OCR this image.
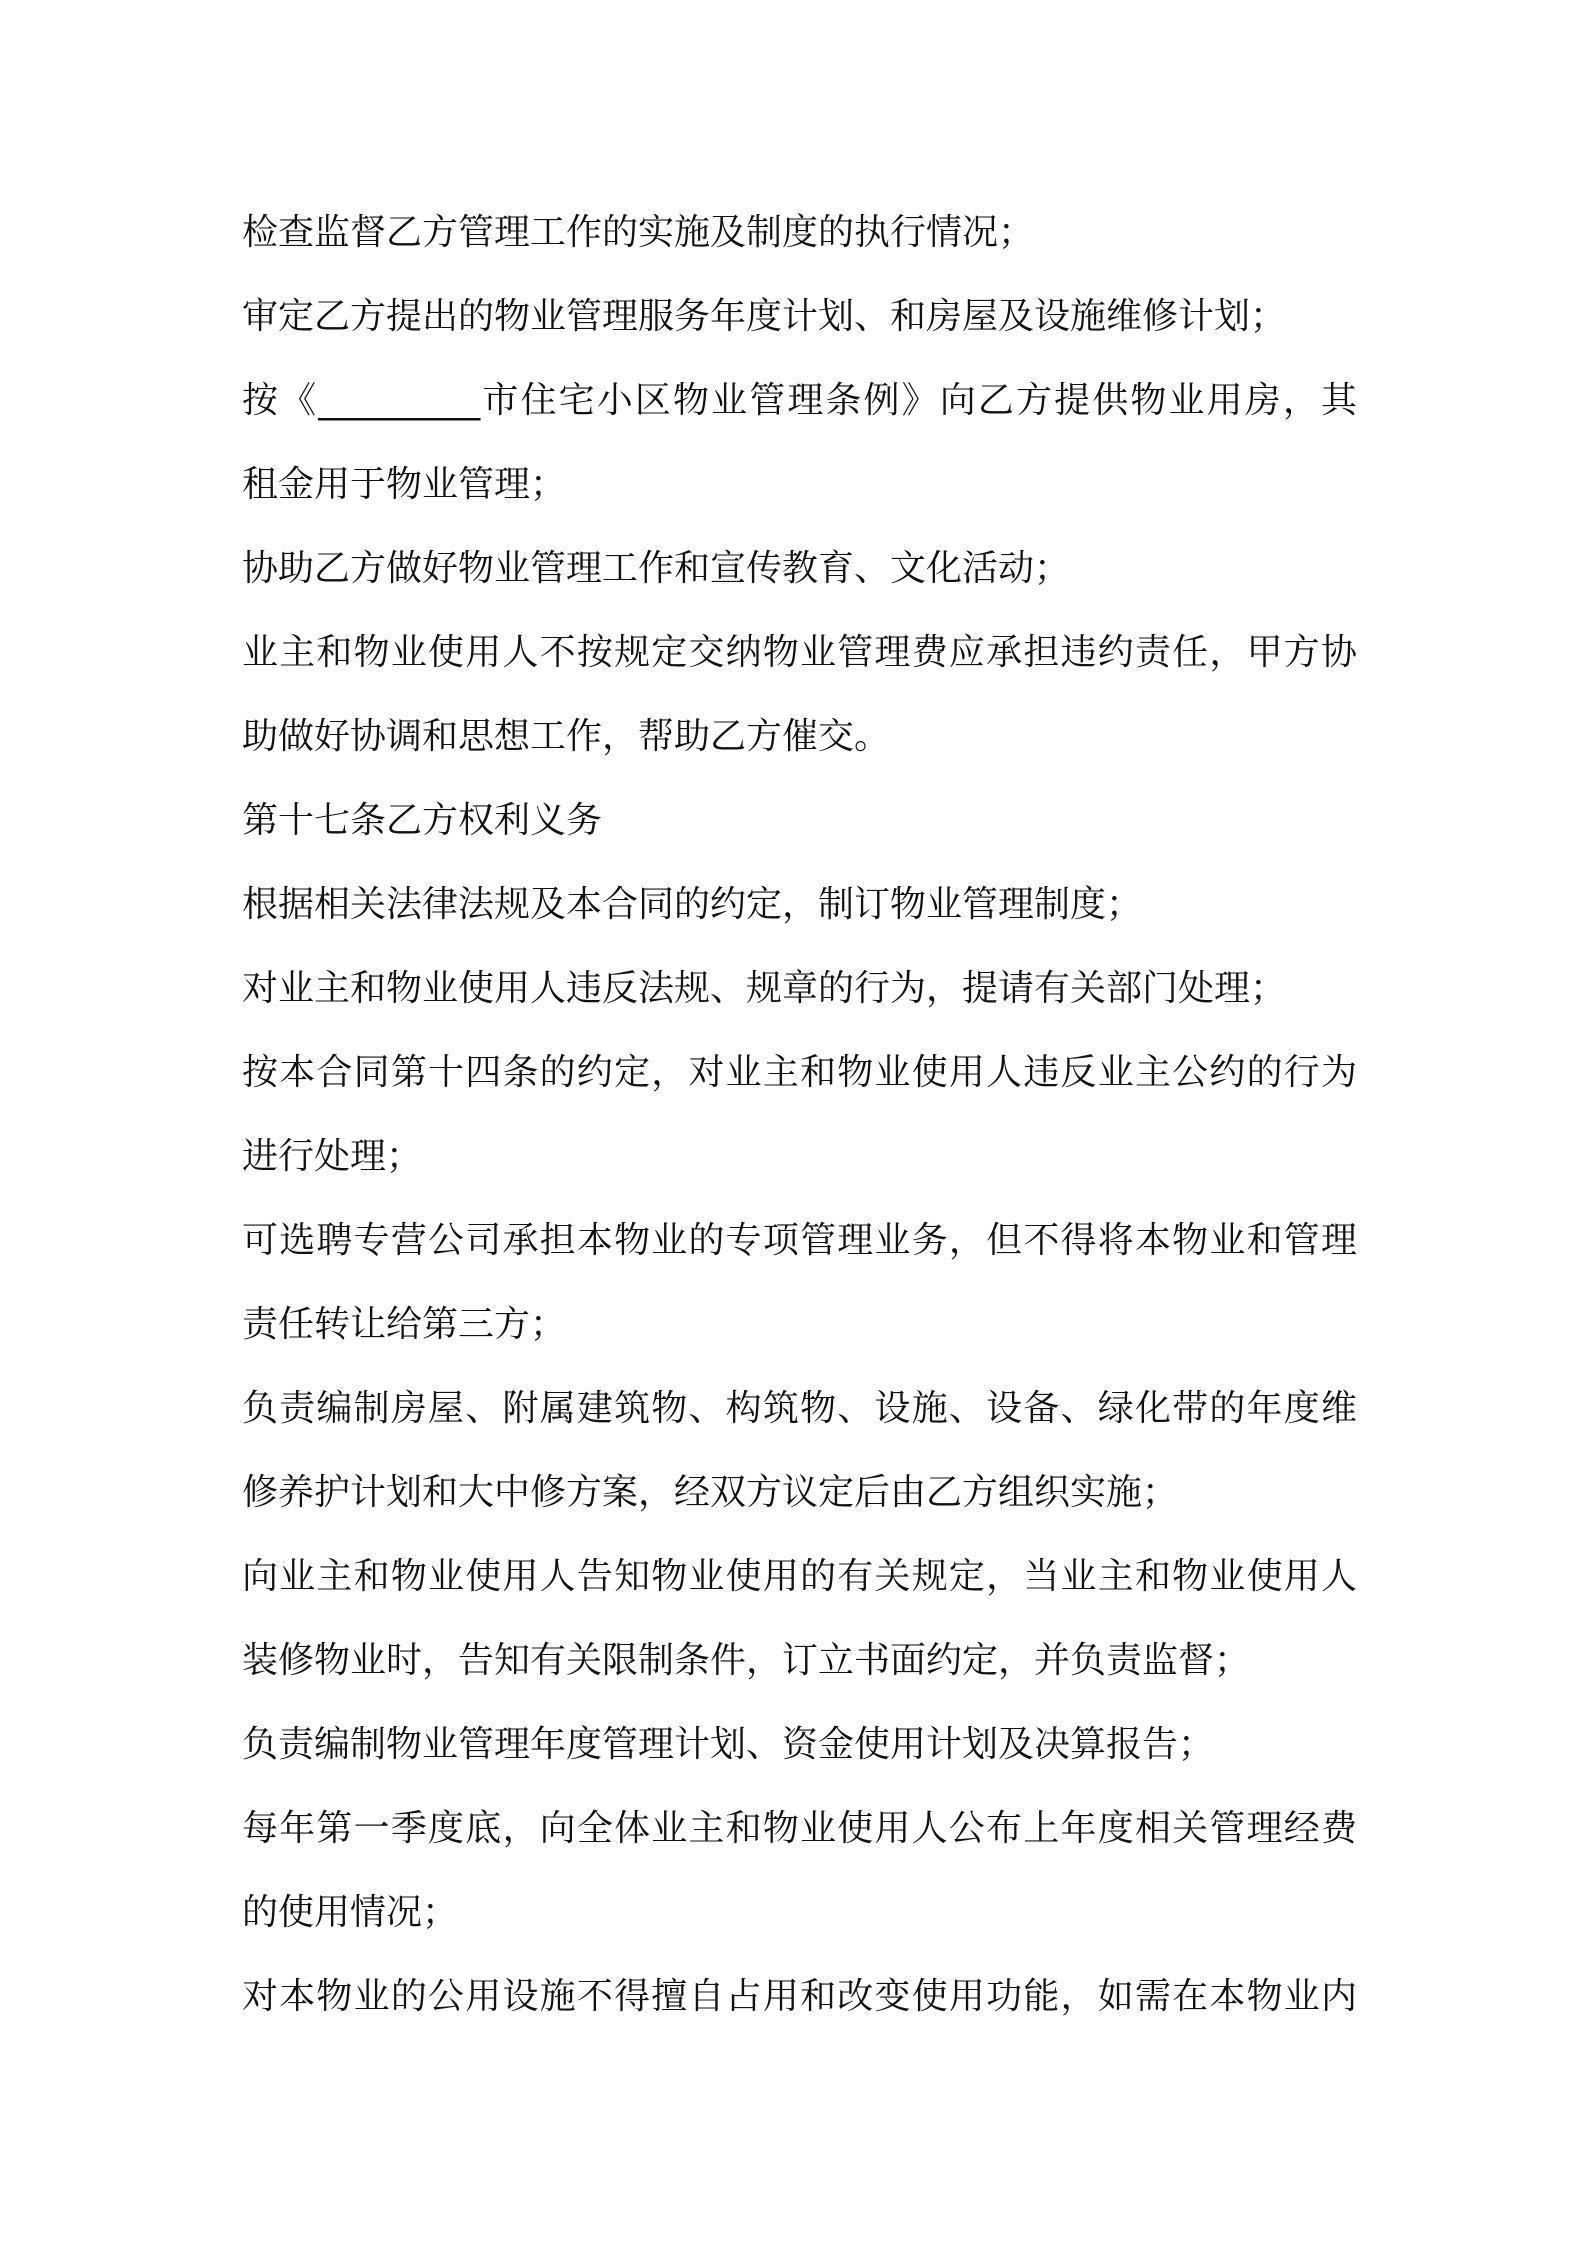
检查监督乙方管理工作的实施及制度的执行情况；
审定乙方提出的物业管理服务年度计划、和房屋及设施维修计划；
按《_________市住宅小区物业管理条例》向乙方提供物业用房，其
租金用于物业管理；
协助乙方做好物业管理工作和宣传教育、文化活动；
业主和物业使用人不按规定交纳物业管理费应承担违约责任，甲方协
助做好协调和思想工作，帮助乙方催交。
第十七条乙方权利义务
根据相关法律法规及本合同的约定，制订物业管理制度；
对业主和物业使用人违反法规、规章的行为，提请有关部门处理；
按本合同第十四条的约定，对业主和物业使用人违反业主公约的行为
进行处理；
可选聘专营公司承担本物业的专项管理业务，但不得将本物业和管理
责任转让给第三方；
负责编制房屋、附属建筑物、构筑物、设施、设备、绿化带的年度维
修养护计划和大中修方案，经双方议定后由乙方组织实施；
向业主和物业使用人告知物业使用的有关规定，当业主和物业使用人
装修物业时，告知有关限制条件，订立书面约定，并负责监督；
负责编制物业管理年度管理计划、资金使用计划及决算报告；
每年第一季度底，向全体业主和物业使用人公布上年度相关管理经费
的使用情况；
对本物业的公用设施不得擅自占用和改变使用功能，如需在本物业内
